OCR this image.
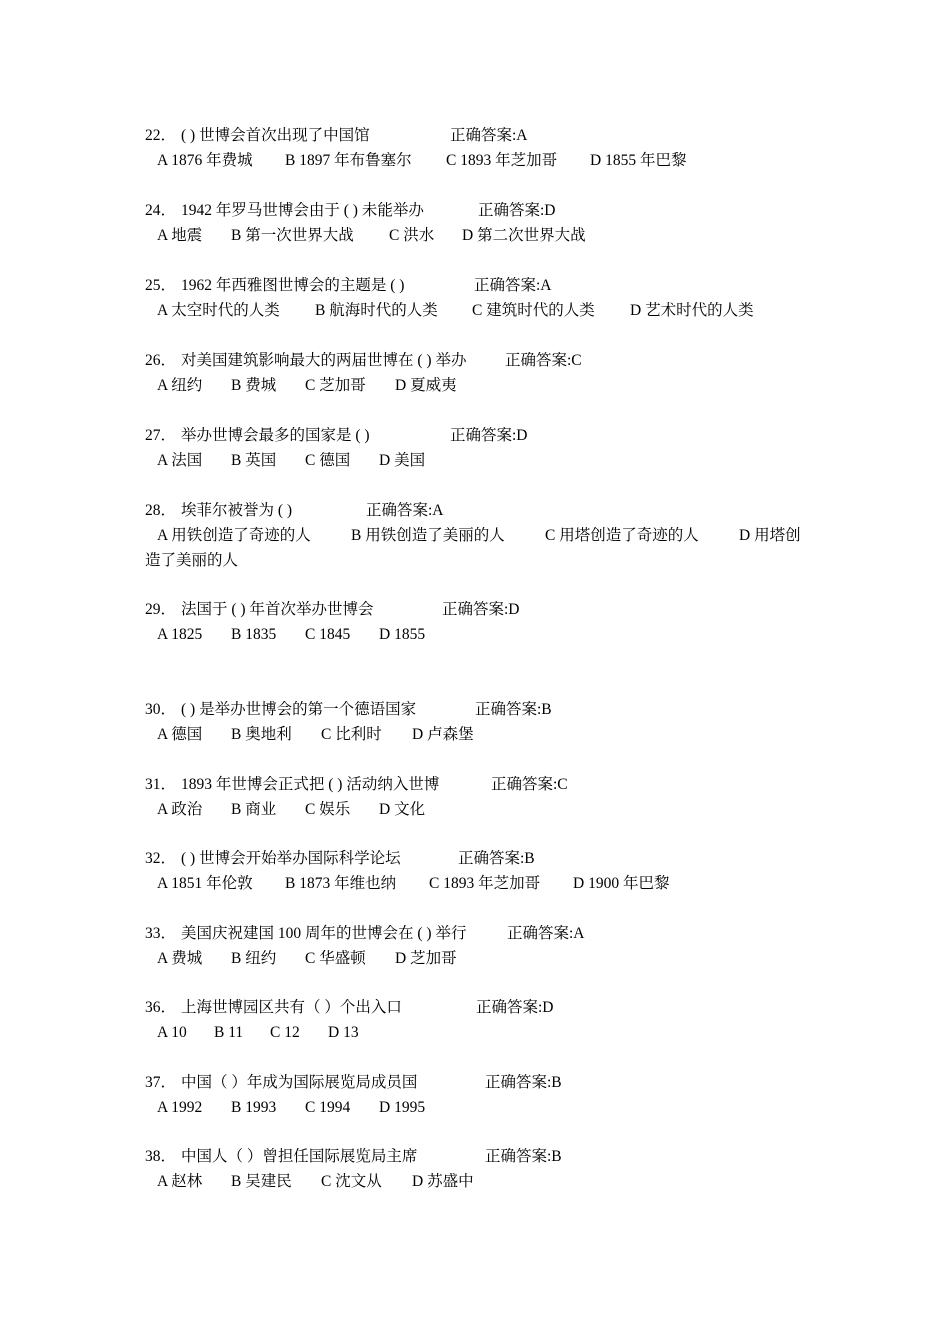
22． ( ) 世博会首次出现了中国馆	正确答案:A
A 1876 年费城 B 1897 年布鲁塞尔 C 1893 年芝加哥 D 1855 年巴黎
24． 1942 年罗马世博会由于 ( ) 未能举办	正确答案:D
A 地震 B 第一次世界大战 C 洪水 D 第二次世界大战
25． 1962 年西雅图世博会的主题是 ( )	正确答案:A
A 太空时代的人类 B 航海时代的人类 C 建筑时代的人类 D 艺术时代的人类
26． 对美国建筑影响最大的两届世博在 ( ) 举办 正确答案:C
A 纽约 B 费城 C 芝加哥 D 夏威夷
27． 举办世博会最多的国家是 ( )	正确答案:D
A 法国 B 英国 C 德国 D 美国
28． 埃菲尔被誉为 ( )	正确答案:A
A 用铁创造了奇迹的人	B 用铁创造了美丽的人	C 用塔创造了奇迹的人	D 用塔创
造了美丽的人
29． 法国于 ( ) 年首次举办世博会	正确答案:D
A 1825 B 1835 C 1845 D 1855
30． ( ) 是举办世博会的第一个德语国家	正确答案:B
A 德国 B 奥地利 C 比利时 D 卢森堡
31． 1893 年世博会正式把 ( ) 活动纳入世博	正确答案:C
A 政治 B 商业 C 娱乐 D 文化
32． ( ) 世博会开始举办国际科学论坛	正确答案:B
A 1851 年伦敦 B 1873 年维也纳 C 1893 年芝加哥 D 1900 年巴黎
33． 美国庆祝建国 100 周年的世博会在 ( ) 举行	正确答案:A
A 费城 B 纽约 C 华盛顿 D 芝加哥
36． 上海世博园区共有（ ）个出入口	正确答案:D
A 10 B 11 C 12 D 13
37． 中国（ ）年成为国际展览局成员国	正确答案:B
A 1992 B 1993 C 1994 D 1995
38． 中国人（ ）曾担任国际展览局主席	正确答案:B
A 赵林 B 吴建民 C 沈文从 D 苏盛中
